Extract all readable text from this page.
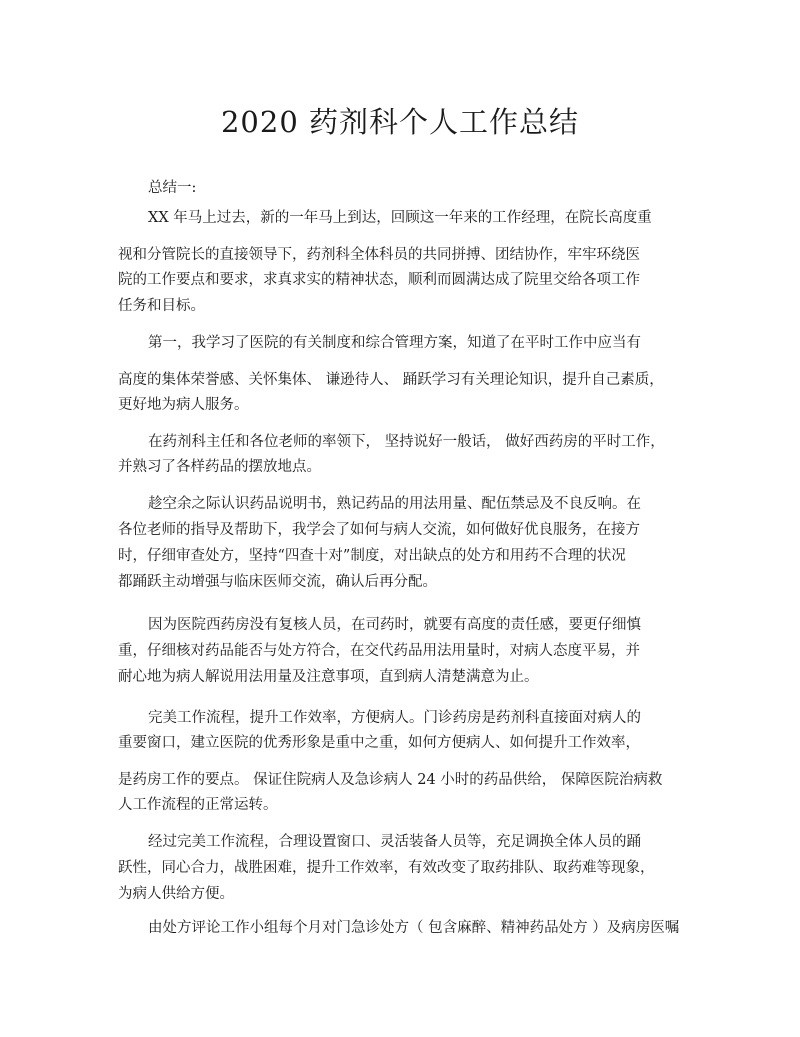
2020 药剂科个人工作总结
总结一:
XX 年马上过去，新的一年马上到达，回顾这一年来的工作经理，在院长高度重
视和分管院长的直接领导下，药剂科全体科员的共同拼搏、团结协作，牢牢环绕医
院的工作要点和要求，求真求实的精神状态，顺利而圆满达成了院里交给各项工作
任务和目标。
第一，我学习了医院的有关制度和综合管理方案，知道了在平时工作中应当有
高度的集体荣誉感、关怀集体、 谦逊待人、 踊跃学习有关理论知识，提升自己素质，
更好地为病人服务。
在药剂科主任和各位老师的率领下， 坚持说好一般话， 做好西药房的平时工作，
并熟习了各样药品的摆放地点。
趁空余之际认识药品说明书，熟记药品的用法用量、配伍禁忌及不良反响。在
各位老师的指导及帮助下，我学会了如何与病人交流，如何做好优良服务，在接方
时，仔细审查处方，坚持“四查十对”制度，对出缺点的处方和用药不合理的状况
都踊跃主动增强与临床医师交流，确认后再分配。
因为医院西药房没有复核人员，在司药时，就要有高度的责任感，要更仔细慎
重，仔细核对药品能否与处方符合，在交代药品用法用量时，对病人态度平易，并
耐心地为病人解说用法用量及注意事项，直到病人清楚满意为止。
完美工作流程，提升工作效率，方便病人。门诊药房是药剂科直接面对病人的
重要窗口，建立医院的优秀形象是重中之重，如何方便病人、如何提升工作效率，
是药房工作的要点。 保证住院病人及急诊病人 24 小时的药品供给， 保障医院治病救
人工作流程的正常运转。
经过完美工作流程，合理设置窗口、灵活装备人员等，充足调换全体人员的踊
跃性，同心合力，战胜困难，提升工作效率，有效改变了取药排队、取药难等现象，
为病人供给方便。
由处方评论工作小组每个月对门急诊处方（ 包含麻醉、精神药品处方 ）及病房医嘱
